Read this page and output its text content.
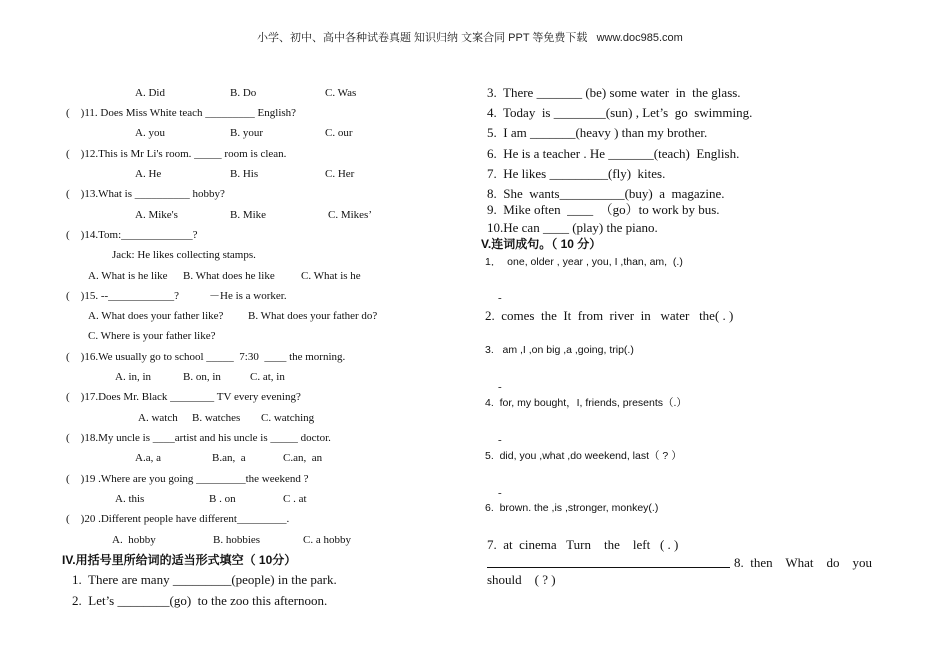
小学、初中、高中各种试卷真题 知识归纳 文案合同 PPT 等免费下载   www.doc985.com
A. Did	B. Do	C. Was
(    )11. Does Miss White teach _________ English?
A. you	B. your	C. our
(    )12.This is Mr Li's room. _____ room is clean.
A. He	B. His	C. Her
(    )13.What is __________ hobby?
A. Mike's	B. Mike	C. Mikes’
(    )14.Tom:_____________?
Jack: He likes collecting stamps.
A. What is he like B. What does he like C. What is he
(    )15. --____________?	－He is a worker.
A. What does your father like? B. What does your father do?
C. Where is your father like?
(    )16.We usually go to school _____  7:30  ____ the morning.
A. in, in	B. on, in	C. at, in
(    )17.Does Mr. Black ________ TV every evening?
A. watch B. watches C. watching
(    )18.My uncle is ____artist and his uncle is _____ doctor.
A.a, a	B.an,  a	C.an,  an
(    )19 .Where are you going _________the weekend ?
A. this	B . on	C . at
(    )20 .Different people have different_________.
A.  hobby	B. hobbies	C. a hobby
IV.用括号里所给词的适当形式填空（ 10分）
1.  There are many _________(people) in the park.
2.  Let’s ________(go)  to the zoo this afternoon.
3.  There _______ (be) some water  in  the glass.
4.  Today  is ________(sun) , Let’s  go  swimming.
5.  I am _______(heavy ) than my brother.
6.  He is a teacher . He _______(teach)  English.
7.  He likes _________(fly)  kites.
8.  She  wants__________(buy)  a  magazine.
9.  Mike often  ____  （go）to work by bus.
10.He can ____ (play) the piano.
V.连词成句。（ 10 分）
1．  one, older , year , you, I ,than, am,  (.)
-
2.  comes  the  It  from  river  in   water   the( . )
3.   am ,I ,on big ,a ,going, trip(.)
-
4.  for, my bought，I, friends, presents（.）
-
5.  did, you ,what ,do weekend, last（ ? ）
-
6.  brown. the ,is ,stronger, monkey(.)
7.  at  cinema   Turn    the    left   ( . )
8.  then    What    do    you
should    ( ? )
